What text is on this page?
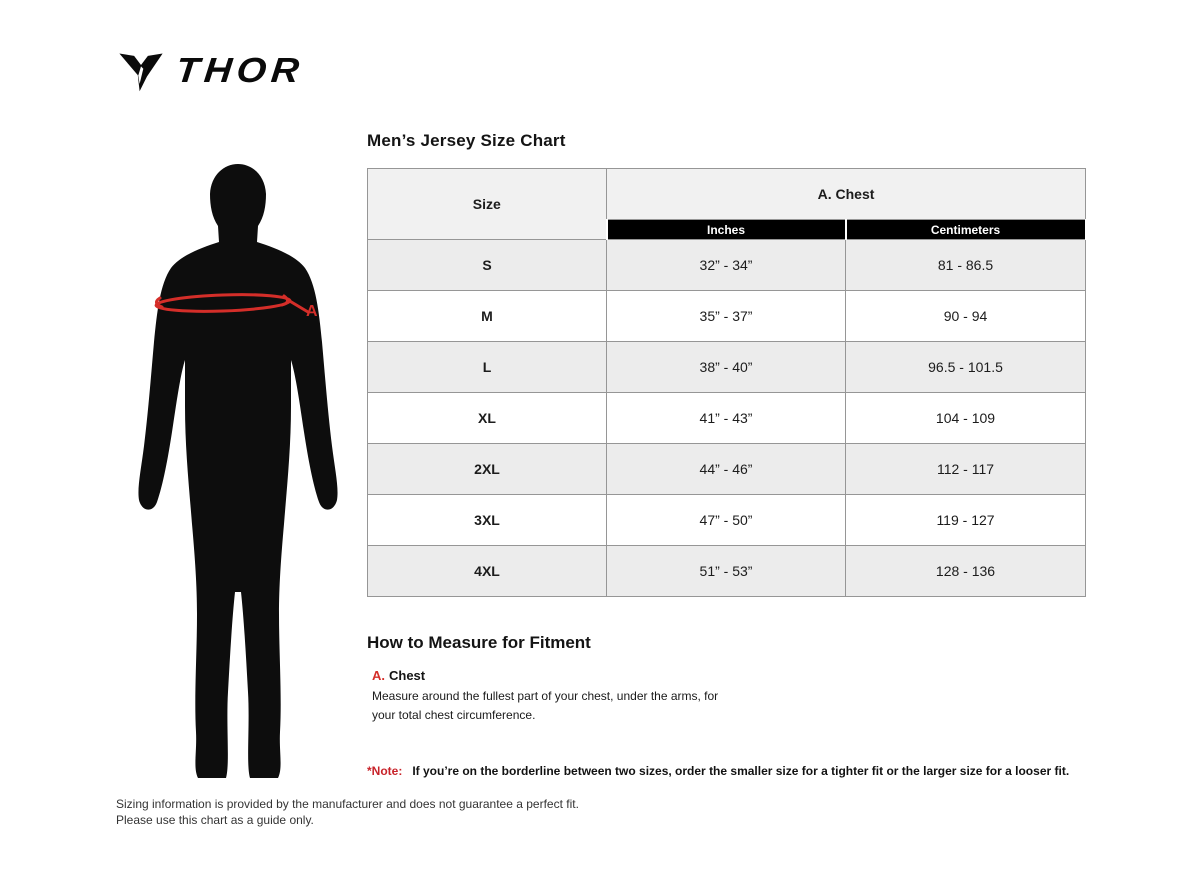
THOR
A
Men’s Jersey Size Chart
Size	A. Chest	
	Inches	Centimeters
S	32” - 34”	81 - 86.5
M	35” - 37”	90 - 94
L	38” - 40”	96.5 - 101.5
XL	41” - 43”	104 - 109
2XL	44” - 46”	112 - 117
3XL	47” - 50”	119 - 127
4XL	51” - 53”	128 - 136
How to Measure for Fitment
A. Chest
Measure around the fullest part of your chest, under the arms, for your total chest circumference.
*Note: If you’re on the borderline between two sizes, order the smaller size for a tighter fit or the larger size for a looser fit.
Sizing information is provided by the manufacturer and does not guarantee a perfect fit.
Please use this chart as a guide only.
